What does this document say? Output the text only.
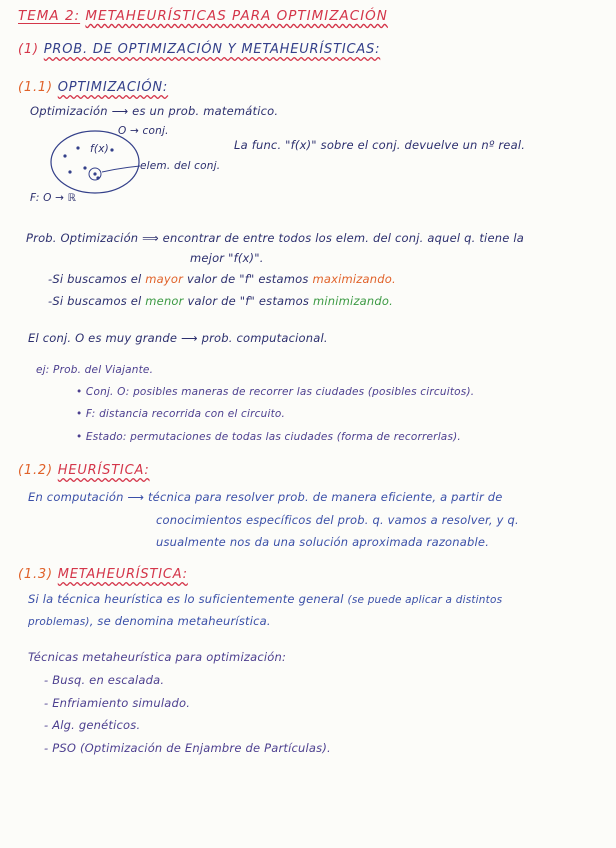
TEMA 2: METAHEURÍSTICAS PARA OPTIMIZACIÓN
(1) PROB. DE OPTIMIZACIÓN Y METAHEURÍSTICAS:
(1.1) OPTIMIZACIÓN:
Optimización ⟶ es un prob. matemático.
O → conj.
f(x)
elem. del conj.
La func. "f(x)" sobre el conj. devuelve un nº real.
F: O → ℝ
Prob. Optimización ⟹ encontrar de entre todos los elem. del conj. aquel q. tiene la
mejor "f(x)".
-Si buscamos el mayor valor de "f" estamos maximizando.
-Si buscamos el menor valor de "f" estamos minimizando.
El conj. O es muy grande ⟶ prob. computacional.
ej: Prob. del Viajante.
• Conj. O: posibles maneras de recorrer las ciudades (posibles circuitos).
• F: distancia recorrida con el circuito.
• Estado: permutaciones de todas las ciudades (forma de recorrerlas).
(1.2) HEURÍSTICA:
En computación ⟶ técnica para resolver prob. de manera eficiente, a partir de
conocimientos específicos del prob. q. vamos a resolver, y q.
usualmente nos da una solución aproximada razonable.
(1.3) METAHEURÍSTICA:
Si la técnica heurística es lo suficientemente general (se puede aplicar a distintos
problemas), se denomina metaheurística.
Técnicas metaheurística para optimización:
- Busq. en escalada.
- Enfriamiento simulado.
- Alg. genéticos.
- PSO (Optimización de Enjambre de Partículas).
